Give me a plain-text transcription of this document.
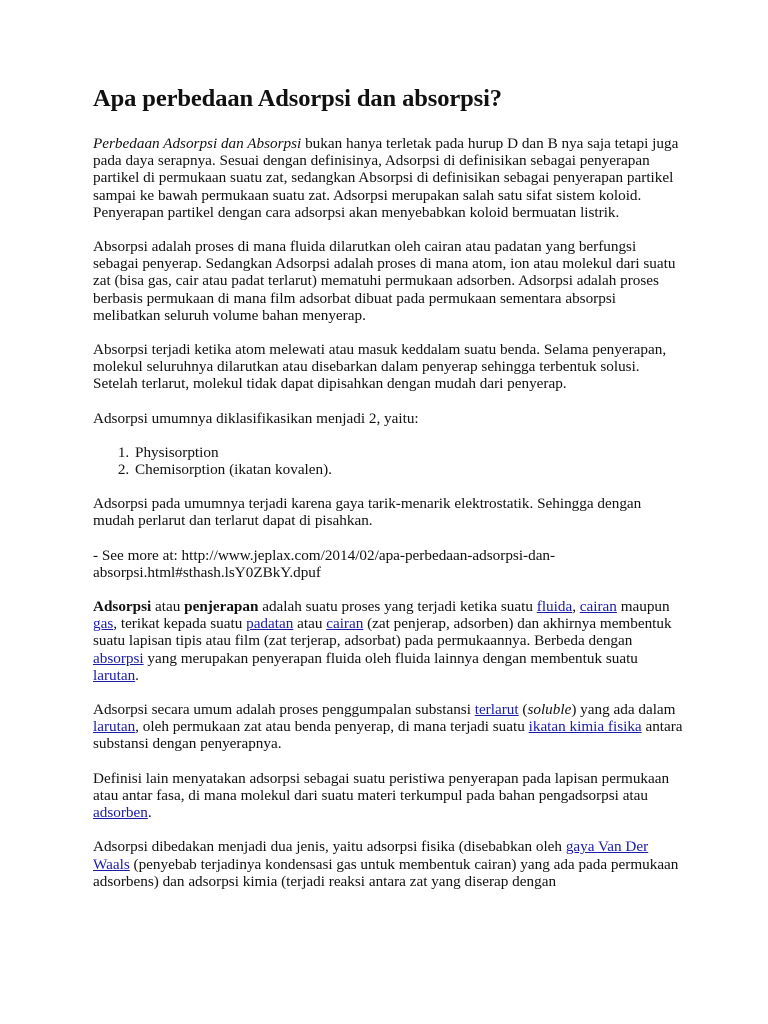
Apa perbedaan Adsorpsi dan absorpsi?

Perbedaan Adsorpsi dan Absorpsi bukan hanya terletak pada hurup D dan B nya saja tetapi juga pada daya serapnya. Sesuai dengan definisinya, Adsorpsi di definisikan sebagai penyerapan partikel di permukaan suatu zat, sedangkan Absorpsi di definisikan sebagai penyerapan partikel sampai ke bawah permukaan suatu zat. Adsorpsi merupakan salah satu sifat sistem koloid. Penyerapan partikel dengan cara adsorpsi akan menyebabkan koloid bermuatan listrik.

Absorpsi adalah proses di mana fluida dilarutkan oleh cairan atau padatan yang berfungsi sebagai penyerap. Sedangkan Adsorpsi adalah proses di mana atom, ion atau molekul dari suatu zat (bisa gas, cair atau padat terlarut) mematuhi permukaan adsorben. Adsorpsi adalah proses berbasis permukaan di mana film adsorbat dibuat pada permukaan sementara absorpsi melibatkan seluruh volume bahan menyerap.

Absorpsi terjadi ketika atom melewati atau masuk keddalam suatu benda. Selama penyerapan, molekul seluruhnya dilarutkan atau disebarkan dalam penyerap sehingga terbentuk solusi. Setelah terlarut, molekul tidak dapat dipisahkan dengan mudah dari penyerap.

Adsorpsi umumnya diklasifikasikan menjadi 2, yaitu:

1. Physisorption
2. Chemisorption (ikatan kovalen).

Adsorpsi pada umumnya terjadi karena gaya tarik-menarik elektrostatik. Sehingga dengan mudah perlarut dan terlarut dapat di pisahkan.

- See more at: http://www.jeplax.com/2014/02/apa-perbedaan-adsorpsi-dan-absorpsi.html#sthash.lsY0ZBkY.dpuf

Adsorpsi atau penjerapan adalah suatu proses yang terjadi ketika suatu fluida, cairan maupun gas, terikat kepada suatu padatan atau cairan (zat penjerap, adsorben) dan akhirnya membentuk suatu lapisan tipis atau film (zat terjerap, adsorbat) pada permukaannya. Berbeda dengan absorpsi yang merupakan penyerapan fluida oleh fluida lainnya dengan membentuk suatu larutan.

Adsorpsi secara umum adalah proses penggumpalan substansi terlarut (soluble) yang ada dalam larutan, oleh permukaan zat atau benda penyerap, di mana terjadi suatu ikatan kimia fisika antara substansi dengan penyerapnya.

Definisi lain menyatakan adsorpsi sebagai suatu peristiwa penyerapan pada lapisan permukaan atau antar fasa, di mana molekul dari suatu materi terkumpul pada bahan pengadsorpsi atau adsorben.

Adsorpsi dibedakan menjadi dua jenis, yaitu adsorpsi fisika (disebabkan oleh gaya Van Der Waals (penyebab terjadinya kondensasi gas untuk membentuk cairan) yang ada pada permukaan adsorbens) dan adsorpsi kimia (terjadi reaksi antara zat yang diserap dengan
